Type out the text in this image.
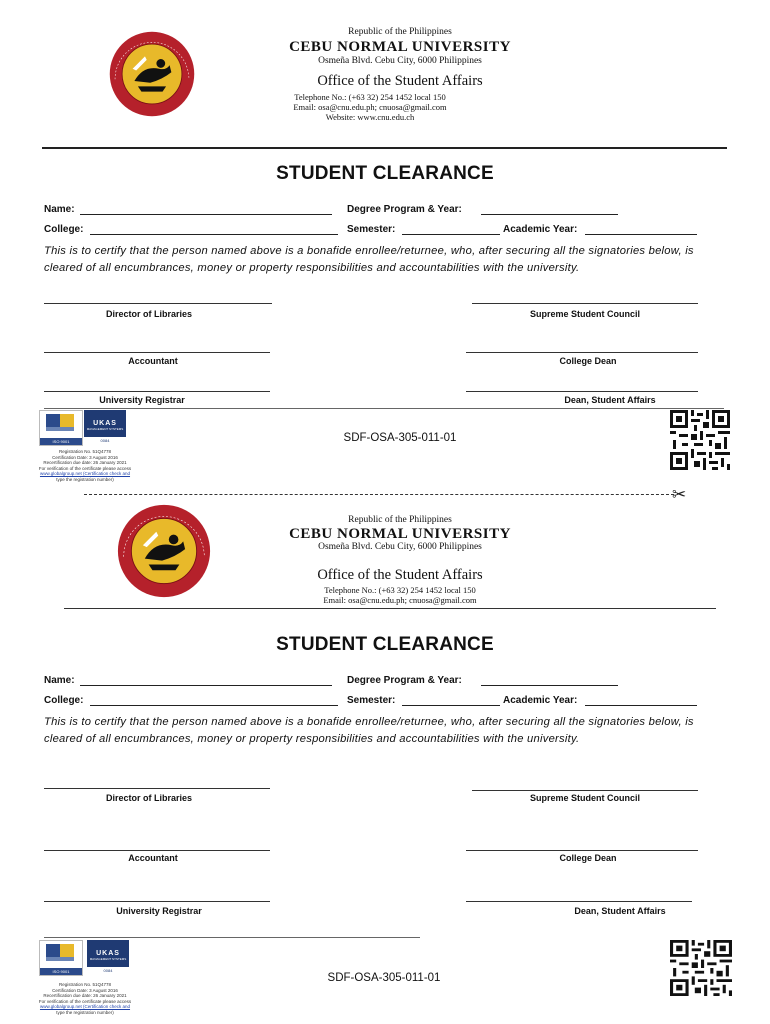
Republic of the Philippines
CEBU NORMAL UNIVERSITY
Osmeña Blvd. Cebu City, 6000 Philippines
Office of the Student Affairs
Telephone No.: (+63 32) 254 1452 local 150
Email: osa@cnu.edu.ph; cnuosa@gmail.com
Website: www.cnu.edu.ch
STUDENT CLEARANCE
Name:	Degree Program & Year:
College:	Semester:	Academic Year:
This is to certify that the person named above is a bonafide enrollee/returnee, who, after securing all the signatories below, is cleared of all encumbrances, money or property responsibilities and accountabilities with the university.
Director of Libraries	Supreme Student Council
Accountant	College Dean
University Registrar	Dean, Student Affairs
ISO 9001
UKAS
MANAGEMENT SYSTEMS
0084
Registration No. 51Q4778
Certification Date: 3 August 2016
Recertification due date: 26 January 2021
For verification of the certificate please access
www.globalgroup.net (Certification check and
type the registration number)
SDF-OSA-305-011-01
✂
Republic of the Philippines
CEBU NORMAL UNIVERSITY
Osmeña Blvd. Cebu City, 6000 Philippines
Office of the Student Affairs
Telephone No.: (+63 32) 254 1452 local 150
Email: osa@cnu.edu.ph; cnuosa@gmail.com
STUDENT CLEARANCE
Name:	Degree Program & Year:
College:	Semester:	Academic Year:
This is to certify that the person named above is a bonafide enrollee/returnee, who, after securing all the signatories below, is cleared of all encumbrances, money or property responsibilities and accountabilities with the university.
Director of Libraries	Supreme Student Council
Accountant	College Dean
University Registrar	Dean, Student Affairs
ISO 9001
UKAS
MANAGEMENT SYSTEMS
0084
Registration No. 51Q4778
Certification Date: 3 August 2016
Recertification due date: 26 January 2021
For verification of the certificate please access
www.globalgroup.net (Certification check and
type the registration number)
SDF-OSA-305-011-01
